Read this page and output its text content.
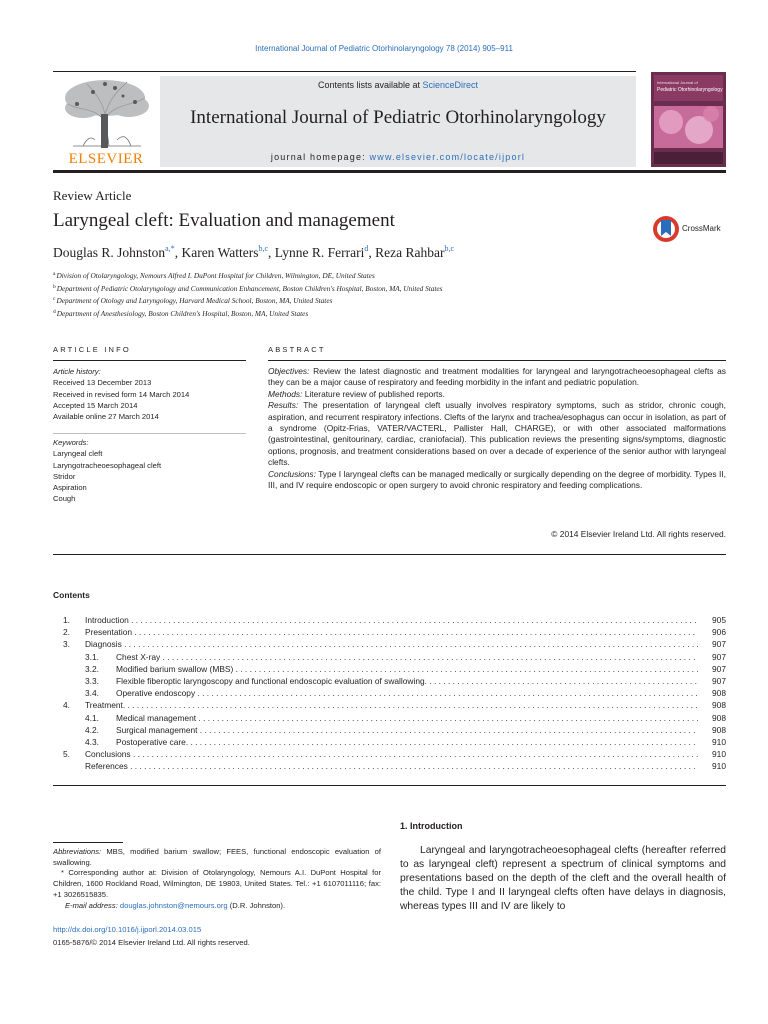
International Journal of Pediatric Otorhinolaryngology 78 (2014) 905–911
ELSEVIER
Contents lists available at ScienceDirect
International Journal of Pediatric Otorhinolaryngology
journal homepage: www.elsevier.com/locate/ijporl
International Journal of
Pediatric Otorhinolaryngology
Review Article
Laryngeal cleft: Evaluation and management	CrossMark
Douglas R. Johnston$^{a,*}$, Karen Watters$^{b,c}$, Lynne R. Ferrari$^d$, Reza Rahbar$^{b,c}$
$^a$Division of Otolaryngology, Nemours Alfred I. DuPont Hospital for Children, Wilmington, DE, United States
$^b$Department of Pediatric Otolaryngology and Communication Enhancement, Boston Children's Hospital, Boston, MA, United States
$^c$Department of Otology and Laryngology, Harvard Medical School, Boston, MA, United States
$^d$Department of Anesthesiology, Boston Children's Hospital, Boston, MA, United States
ARTICLE INFO
Article history:
Received 13 December 2013
Received in revised form 14 March 2014
Accepted 15 March 2014
Available online 27 March 2014
Keywords:
Laryngeal cleft
Laryngotracheoesophageal cleft
Stridor
Aspiration
Cough
ABSTRACT

Objectives: Review the latest diagnostic and treatment modalities for laryngeal and laryngotracheoesophageal clefts as they can be a major cause of respiratory and feeding morbidity in the infant and pediatric population.

Methods: Literature review of published reports.

Results: The presentation of laryngeal cleft usually involves respiratory symptoms, such as stridor, chronic cough, aspiration, and recurrent respiratory infections. Clefts of the larynx and trachea/esophagus can occur in isolation, as part of a syndrome (Opitz-Frias, VATER/VACTERL, Pallister Hall, CHARGE), or with other associated malformations (gastrointestinal, genitourinary, cardiac, craniofacial). This publication reviews the presenting signs/symptoms, diagnostic options, prognosis, and treatment considerations based on over a decade of experience of the senior author with laryngeal clefts.

Conclusions: Type I laryngeal clefts can be managed medically or surgically depending on the degree of morbidity. Types II, III, and IV require endoscopic or open surgery to avoid chronic respiratory and feeding complications.

© 2014 Elsevier Ireland Ltd. All rights reserved.
Contents
1. Introduction . . .	905
2. Presentation . . .	906
3. Diagnosis . . .	907
3.1. Chest X-ray . . .	907
3.2. Modified barium swallow (MBS) . . .	907
3.3. Flexible fiberoptic laryngoscopy and functional endoscopic evaluation of swallowing. . . .	907
3.4. Operative endoscopy . . .	908
4. Treatment. . . .	908
4.1. Medical management . . .	908
4.2. Surgical management . . .	908
4.3. Postoperative care. . . .	910
5. Conclusions . . .	910
References . . .	910

Abbreviations: MBS, modified barium swallow; FEES, functional endoscopic evaluation of swallowing.

* Corresponding author at: Division of Otolaryngology, Nemours A.I. DuPont Hospital for Children, 1600 Rockland Road, Wilmington, DE 19803, United States. Tel.: +1 6107011116; fax: +1 3026515835.

E-mail address: douglas.johnston@nemours.org (D.R. Johnston).

http://dx.doi.org/10.1016/j.ijporl.2014.03.015
0165-5876/© 2014 Elsevier Ireland Ltd. All rights reserved.
1. Introduction

Laryngeal and laryngotracheoesophageal clefts (hereafter referred to as laryngeal cleft) represent a spectrum of clinical symptoms and presentations based on the depth of the cleft and the overall health of the child. Type I and II laryngeal clefts often have delays in diagnosis, whereas types III and IV are likely to
